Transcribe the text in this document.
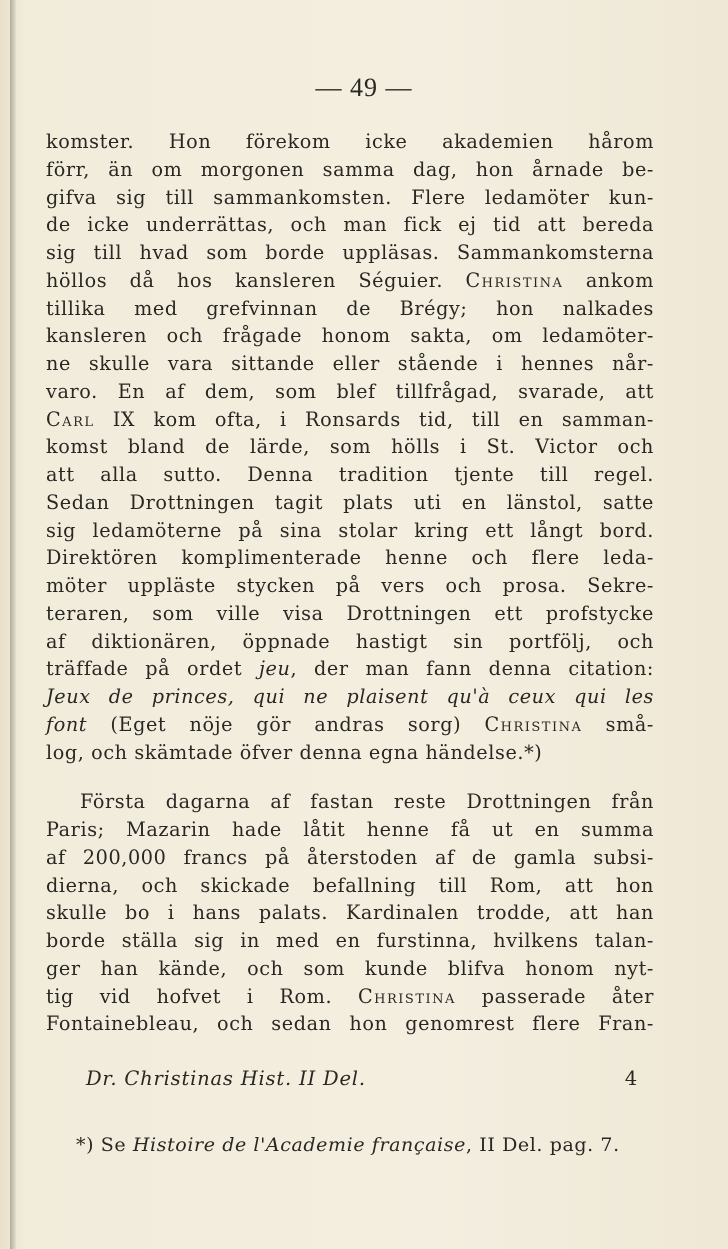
— 49 —
komster. Hon förekom icke akademien hårom
förr, än om morgonen samma dag, hon årnade be-
gifva sig till sammankomsten. Flere ledamöter kun-
de icke underrättas, och man fick ej tid att bereda
sig till hvad som borde uppläsas. Sammankomsterna
höllos då hos kansleren Séguier. Christina ankom
tillika med grefvinnan de Brégy; hon nalkades
kansleren och frågade honom sakta, om ledamöter-
ne skulle vara sittande eller stående i hennes når-
varo. En af dem, som blef tillfrågad, svarade, att
Carl IX kom ofta, i Ronsards tid, till en samman-
komst bland de lärde, som hölls i St. Victor och
att alla sutto. Denna tradition tjente till regel.
Sedan Drottningen tagit plats uti en länstol, satte
sig ledamöterne på sina stolar kring ett långt bord.
Direktören komplimenterade henne och flere leda-
möter uppläste stycken på vers och prosa. Sekre-
teraren, som ville visa Drottningen ett profstycke
af diktionären, öppnade hastigt sin portfölj, och
träffade på ordet jeu, der man fann denna citation:
Jeux de princes, qui ne plaisent qu'à ceux qui les
font (Eget nöje gör andras sorg) Christina små-
log, och skämtade öfver denna egna händelse.*)
Första dagarna af fastan reste Drottningen från
Paris; Mazarin hade låtit henne få ut en summa
af 200,000 francs på återstoden af de gamla subsi-
dierna, och skickade befallning till Rom, att hon
skulle bo i hans palats. Kardinalen trodde, att han
borde ställa sig in med en furstinna, hvilkens talan-
ger han kände, och som kunde blifva honom nyt-
tig vid hofvet i Rom. Christina passerade åter
Fontainebleau, och sedan hon genomrest flere Fran-
Dr. Christinas Hist. II Del.	4
*) Se Histoire de l'Academie française, II Del. pag. 7.
